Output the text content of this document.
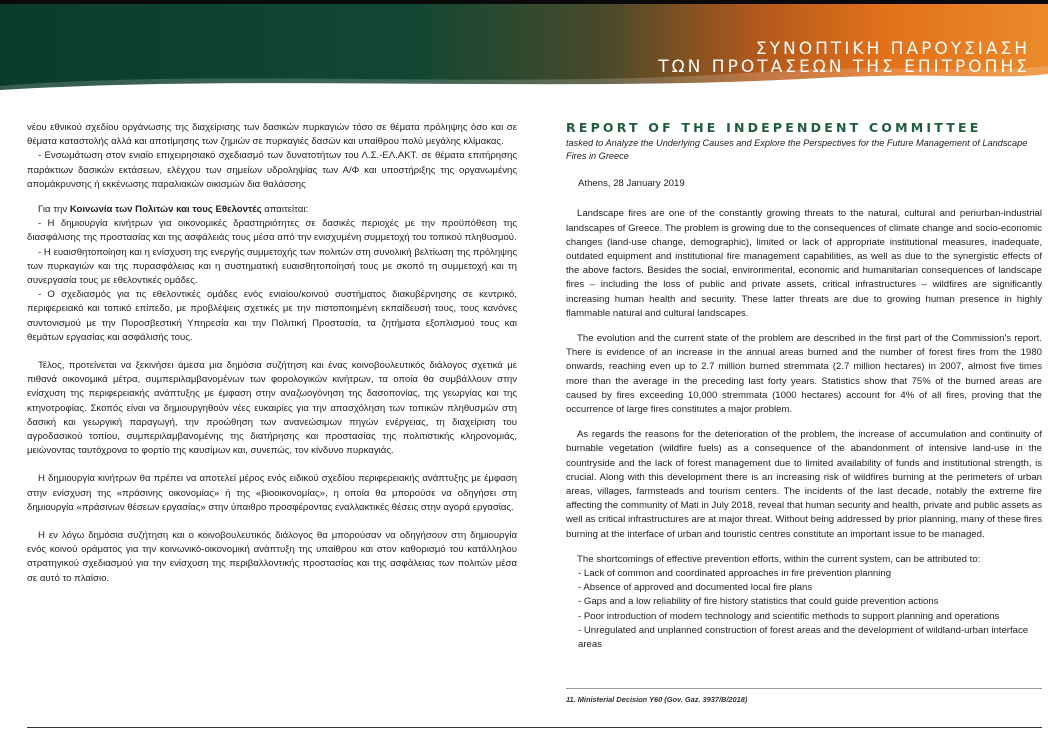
ΣΥΝΟΠΤΙΚΗ ΠΑΡΟΥΣΙΑΣΗ
ΤΩΝ ΠΡΟΤΑΣΕΩΝ ΤΗΣ ΕΠΙΤΡΟΠΗΣ

νέου εθνικού σχεδίου οργάνωσης της διαχείρισης των δασικών πυρκαγιών τόσο σε θέματα πρόληψης όσο και σε θέματα καταστολής αλλά και αποτίμησης των ζημιών σε πυρκαγιές δασών και υπαίθρου πολύ μεγάλης κλίμακας.

- Ενσωμάτωση στον ενιαίο επιχειρησιακό σχεδιασμό των δυνατοτήτων του Λ.Σ.-ΕΛ.ΑΚΤ. σε θέματα επιτήρησης παράκτιων δασικών εκτάσεων, ελέγχου των σημείων υδροληψίας των Α/Φ και υποστήριξης της οργανωμένης απομάκρυνσης ή εκκένωσης παραλιακών οικισμών δια θαλάσσης

Για την Κοινωνία των Πολιτών και τους Εθελοντές απαιτείται:

- Η δημιουργία κινήτρων για οικονομικές δραστηριότητες σε δασικές περιοχές με την προϋπόθεση της διασφάλισης της προστασίας και της ασφάλειάς τους μέσα από την ενισχυμένη συμμετοχή του τοπικού πληθυσμού.

- Η ευαισθητοποίηση και η ενίσχυση της ενεργής συμμετοχής των πολιτών στη συνολική βελτίωση της πρόληψης των πυρκαγιών και της πυρασφάλειας και η συστηματική ευαισθητοποίησή τους με σκοπό τη συμμετοχή και τη συνεργασία τους με εθελοντικές ομάδες.

- Ο σχεδιασμός για τις εθελοντικές ομάδες ενός ενιαίου/κοινού συστήματος διακυβέρνησης σε κεντρικό, περιφερειακό και τοπικό επίπεδο, με προβλέψεις σχετικές με την πιστοποιημένη εκπαίδευσή τους, τους κανόνες συντονισμού με την Πυροσβεστική Υπηρεσία και την Πολιτική Προστασία, τα ζητήματα εξοπλισμού τους και θεμάτων εργασίας και ασφάλισής τους.

Τέλος, προτείνεται να ξεκινήσει άμεσα μια δημόσια συζήτηση και ένας κοινοβουλευτικός διάλογος σχετικά με πιθανά οικονομικά μέτρα, συμπεριλαμβανομένων των φορολογικών κινήτρων, τα οποία θα συμβάλλουν στην ενίσχυση της περιφερειακής ανάπτυξης με έμφαση στην αναζωογόνηση της δασοπονίας, της γεωργίας και της κτηνοτροφίας. Σκοπός είναι να δημιουργηθούν νέες ευκαιρίες για την απασχόληση των τοπικών πληθυσμών στη δασική και γεωργική παραγωγή, την προώθηση των ανανεώσιμων πηγών ενέργειας, τη διαχείριση του αγροδασικού τοπίου, συμπεριλαμβανομένης της διατήρησης και προστασίας της πολιτιστικής κληρονομιάς, μειώνοντας ταυτόχρονα το φορτίο της καυσίμων και, συνεπώς, τον κίνδυνο πυρκαγιάς.

Η δημιουργία κινήτρων θα πρέπει να αποτελεί μέρος ενός ειδικού σχεδίου περιφερειακής ανάπτυξης με έμφαση στην ενίσχυση της «πράσινης οικονομίας» ή της «βιοοικονομίας», η οποία θα μπορούσε να οδηγήσει στη δημιουργία «πράσινων θέσεων εργασίας» στην ύπαιθρο προσφέροντας εναλλακτικές θέσεις στην αγορά εργασίας.

Η εν λόγω δημόσια συζήτηση και ο κοινοβουλευτικός διάλογος θα μπορούσαν να οδηγήσουν στη δημιουργία ενός κοινού οράματος για την κοινωνικό-οικονομική ανάπτυξη της υπαίθρου και στον καθορισμό του κατάλληλου στρατηγικού σχεδιασμού για την ενίσχυση της περιβαλλοντικής προστασίας και της ασφάλειας των πολιτών μέσα σε αυτό το πλαίσιο.

REPORT OF THE INDEPENDENT COMMITTEE
tasked to Analyze the Underlying Causes and Explore the Perspectives for the Future Management of Landscape Fires in Greece
Athens, 28 January 2019

Landscape fires are one of the constantly growing threats to the natural, cultural and periurban-industrial landscapes of Greece. The problem is growing due to the consequences of climate change and socio-economic changes (land-use change, demographic), limited or lack of appropriate institutional measures, inadequate, outdated equipment and institutional fire management capabilities, as well as due to the synergistic effects of the above factors. Besides the social, environmental, economic and humanitarian consequences of landscape fires – including the loss of public and private assets, critical infrastructures – wildfires are significantly increasing human health and security. These latter threats are due to growing human presence in highly flammable natural and cultural landscapes.

The evolution and the current state of the problem are described in the first part of the Commission's report. There is evidence of an increase in the annual areas burned and the number of forest fires from the 1980 onwards, reaching even up to 2.7 million burned stremmata (2.7 million hectares) in 2007, almost five times more than the average in the preceding last forty years. Statistics show that 75% of the burned areas are caused by fires exceeding 10,000 stremmata (1000 hectares) account for 4% of all fires, proving that the occurrence of large fires constitutes a major problem.

As regards the reasons for the deterioration of the problem, the increase of accumulation and continuity of burnable vegetation (wildfire fuels) as a consequence of the abandonment of intensive land-use in the countryside and the lack of forest management due to limited availability of funds and institutional strength, is crucial. Along with this development there is an increasing risk of wildfires burning at the perimeters of urban areas, villages, farmsteads and tourism centers. The incidents of the last decade, notably the extreme fire affecting the community of Mati in July 2018, reveal that human security and health, private and public assets as well as critical infrastructures are at major threat. Without being addressed by prior planning, many of these fires burning at the interface of urban and touristic centres constitute an important issue to be managed.

The shortcomings of effective prevention efforts, within the current system, can be attributed to:

- Lack of common and coordinated approaches in fire prevention planning
- Absence of approved and documented local fire plans
- Gaps and a low reliability of fire history statistics that could guide prevention actions
- Poor introduction of modern technology and scientific methods to support planning and operations
- Unregulated and unplanned construction of forest areas and the development of wildland-urban interface areas
11. Ministerial Decision Y60 (Gov. Gaz. 3937/B/2018)
